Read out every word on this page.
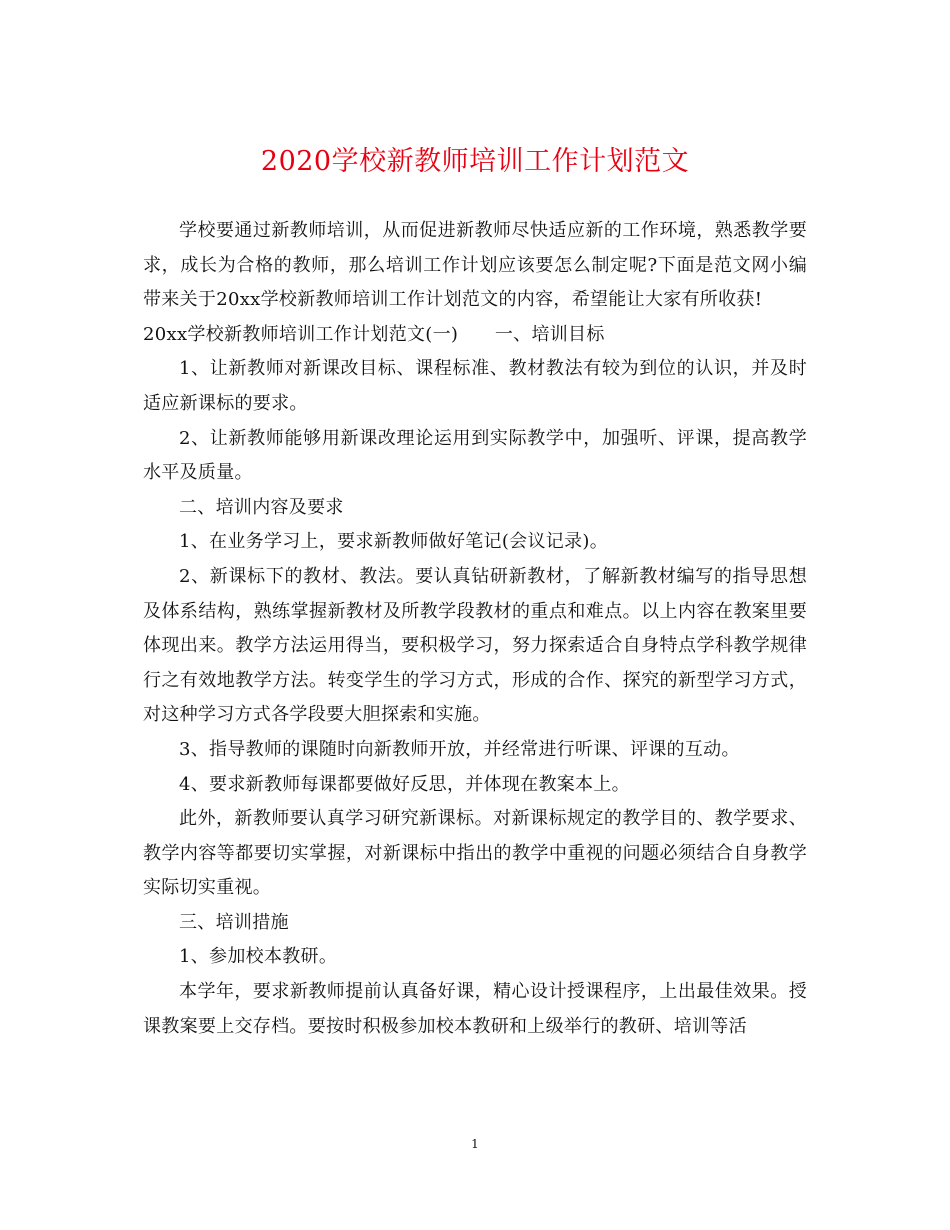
2020学校新教师培训工作计划范文

学校要通过新教师培训，从而促进新教师尽快适应新的工作环境，熟悉教学要求，成长为合格的教师，那么培训工作计划应该要怎么制定呢?下面是范文网小编带来关于20xx学校新教师培训工作计划范文的内容，希望能让大家有所收获!

20xx学校新教师培训工作计划范文(一)　　一、培训目标

1、让新教师对新课改目标、课程标准、教材教法有较为到位的认识，并及时适应新课标的要求。

2、让新教师能够用新课改理论运用到实际教学中，加强听、评课，提高教学水平及质量。

二、培训内容及要求

1、在业务学习上，要求新教师做好笔记(会议记录)。

2、新课标下的教材、教法。要认真钻研新教材，了解新教材编写的指导思想及体系结构，熟练掌握新教材及所教学段教材的重点和难点。以上内容在教案里要体现出来。教学方法运用得当，要积极学习，努力探索适合自身特点学科教学规律行之有效地教学方法。转变学生的学习方式，形成的合作、探究的新型学习方式，对这种学习方式各学段要大胆探索和实施。

3、指导教师的课随时向新教师开放，并经常进行听课、评课的互动。

4、要求新教师每课都要做好反思，并体现在教案本上。

此外，新教师要认真学习研究新课标。对新课标规定的教学目的、教学要求、教学内容等都要切实掌握，对新课标中指出的教学中重视的问题必须结合自身教学实际切实重视。

三、培训措施

1、参加校本教研。

本学年，要求新教师提前认真备好课，精心设计授课程序，上出最佳效果。授课教案要上交存档。要按时积极参加校本教研和上级举行的教研、培训等活

1
